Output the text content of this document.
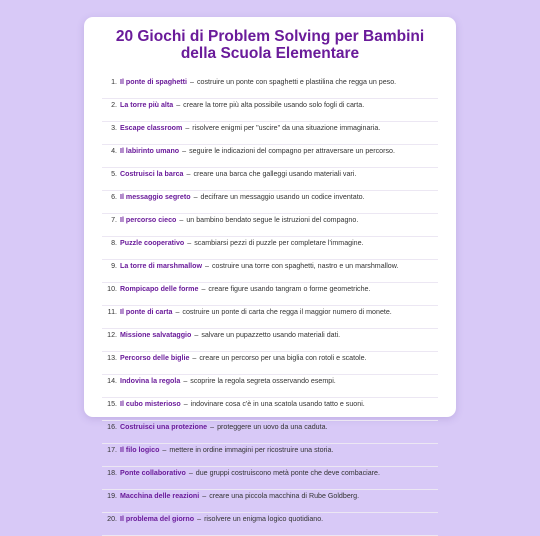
20 Giochi di Problem Solving per Bambini della Scuola Elementare
1. Il ponte di spaghetti – costruire un ponte con spaghetti e plastilina che regga un peso.
2. La torre più alta – creare la torre più alta possibile usando solo fogli di carta.
3. Escape classroom – risolvere enigmi per "uscire" da una situazione immaginaria.
4. Il labirinto umano – seguire le indicazioni del compagno per attraversare un percorso.
5. Costruisci la barca – creare una barca che galleggi usando materiali vari.
6. Il messaggio segreto – decifrare un messaggio usando un codice inventato.
7. Il percorso cieco – un bambino bendato segue le istruzioni del compagno.
8. Puzzle cooperativo – scambiarsi pezzi di puzzle per completare l'immagine.
9. La torre di marshmallow – costruire una torre con spaghetti, nastro e un marshmallow.
10. Rompicapo delle forme – creare figure usando tangram o forme geometriche.
11. Il ponte di carta – costruire un ponte di carta che regga il maggior numero di monete.
12. Missione salvataggio – salvare un pupazzetto usando materiali dati.
13. Percorso delle biglie – creare un percorso per una biglia con rotoli e scatole.
14. Indovina la regola – scoprire la regola segreta osservando esempi.
15. Il cubo misterioso – indovinare cosa c'è in una scatola usando tatto e suoni.
16. Costruisci una protezione – proteggere un uovo da una caduta.
17. Il filo logico – mettere in ordine immagini per ricostruire una storia.
18. Ponte collaborativo – due gruppi costruiscono metà ponte che deve combaciare.
19. Macchina delle reazioni – creare una piccola macchina di Rube Goldberg.
20. Il problema del giorno – risolvere un enigma logico quotidiano.
